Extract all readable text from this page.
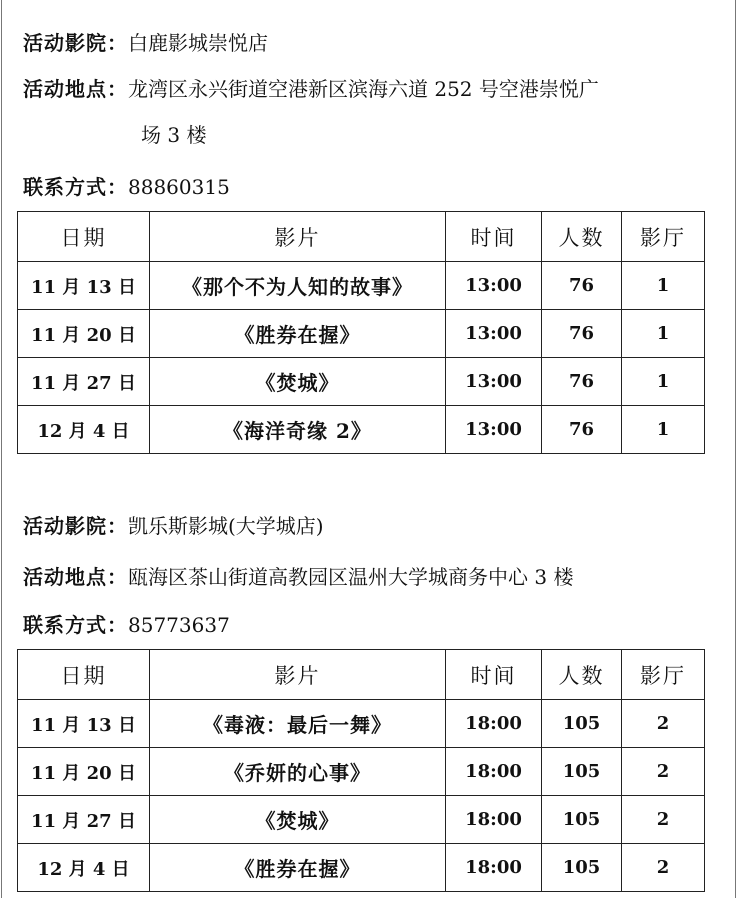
活动影院：白鹿影城崇悦店
活动地点：龙湾区永兴街道空港新区滨海六道 252 号空港崇悦广
场 3 楼
联系方式：88860315
日期	影片	时间	人数	影厅
11 月 13 日	《那个不为人知的故事》	13:00	76	1
11 月 20 日	《胜券在握》	13:00	76	1
11 月 27 日	《焚城》	13:00	76	1
12 月 4 日	《海洋奇缘 2》	13:00	76	1
活动影院：凯乐斯影城(大学城店)
活动地点：瓯海区茶山街道高教园区温州大学城商务中心 3 楼
联系方式：85773637
日期	影片	时间	人数	影厅
11 月 13 日	《毒液：最后一舞》	18:00	105	2
11 月 20 日	《乔妍的心事》	18:00	105	2
11 月 27 日	《焚城》	18:00	105	2
12 月 4 日	《胜券在握》	18:00	105	2
